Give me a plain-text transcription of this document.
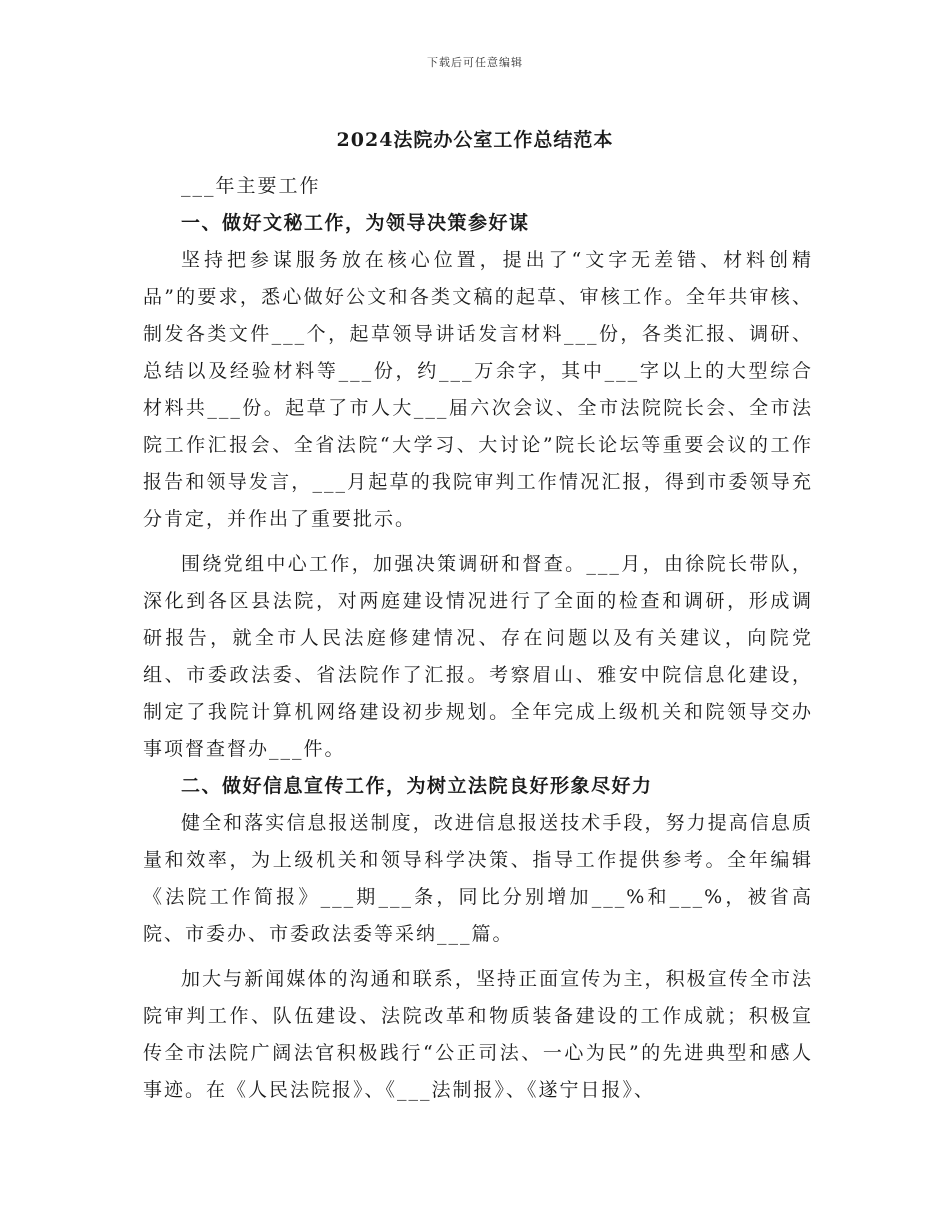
下载后可任意编辑
2024法院办公室工作总结范本

___年主要工作

一、做好文秘工作，为领导决策参好谋

坚持把参谋服务放在核心位置，提出了“文字无差错、材料创精品”的要求，悉心做好公文和各类文稿的起草、审核工作。全年共审核、制发各类文件___个，起草领导讲话发言材料___份，各类汇报、调研、总结以及经验材料等___份，约___万余字，其中___字以上的大型综合材料共___份。起草了市人大___届六次会议、全市法院院长会、全市法院工作汇报会、全省法院“大学习、大讨论”院长论坛等重要会议的工作报告和领导发言，___月起草的我院审判工作情况汇报，得到市委领导充分肯定，并作出了重要批示。

围绕党组中心工作，加强决策调研和督查。___月，由徐院长带队，深化到各区县法院，对两庭建设情况进行了全面的检查和调研，形成调研报告，就全市人民法庭修建情况、存在问题以及有关建议，向院党组、市委政法委、省法院作了汇报。考察眉山、雅安中院信息化建设，制定了我院计算机网络建设初步规划。全年完成上级机关和院领导交办事项督查督办___件。

二、做好信息宣传工作，为树立法院良好形象尽好力

健全和落实信息报送制度，改进信息报送技术手段，努力提高信息质量和效率，为上级机关和领导科学决策、指导工作提供参考。全年编辑《法院工作简报》___期___条，同比分别增加___%和___%，被省高院、市委办、市委政法委等采纳___篇。

加大与新闻媒体的沟通和联系，坚持正面宣传为主，积极宣传全市法院审判工作、队伍建设、法院改革和物质装备建设的工作成就；积极宣传全市法院广阔法官积极践行“公正司法、一心为民”的先进典型和感人事迹。在《人民法院报》、《___法制报》、《遂宁日报》、
